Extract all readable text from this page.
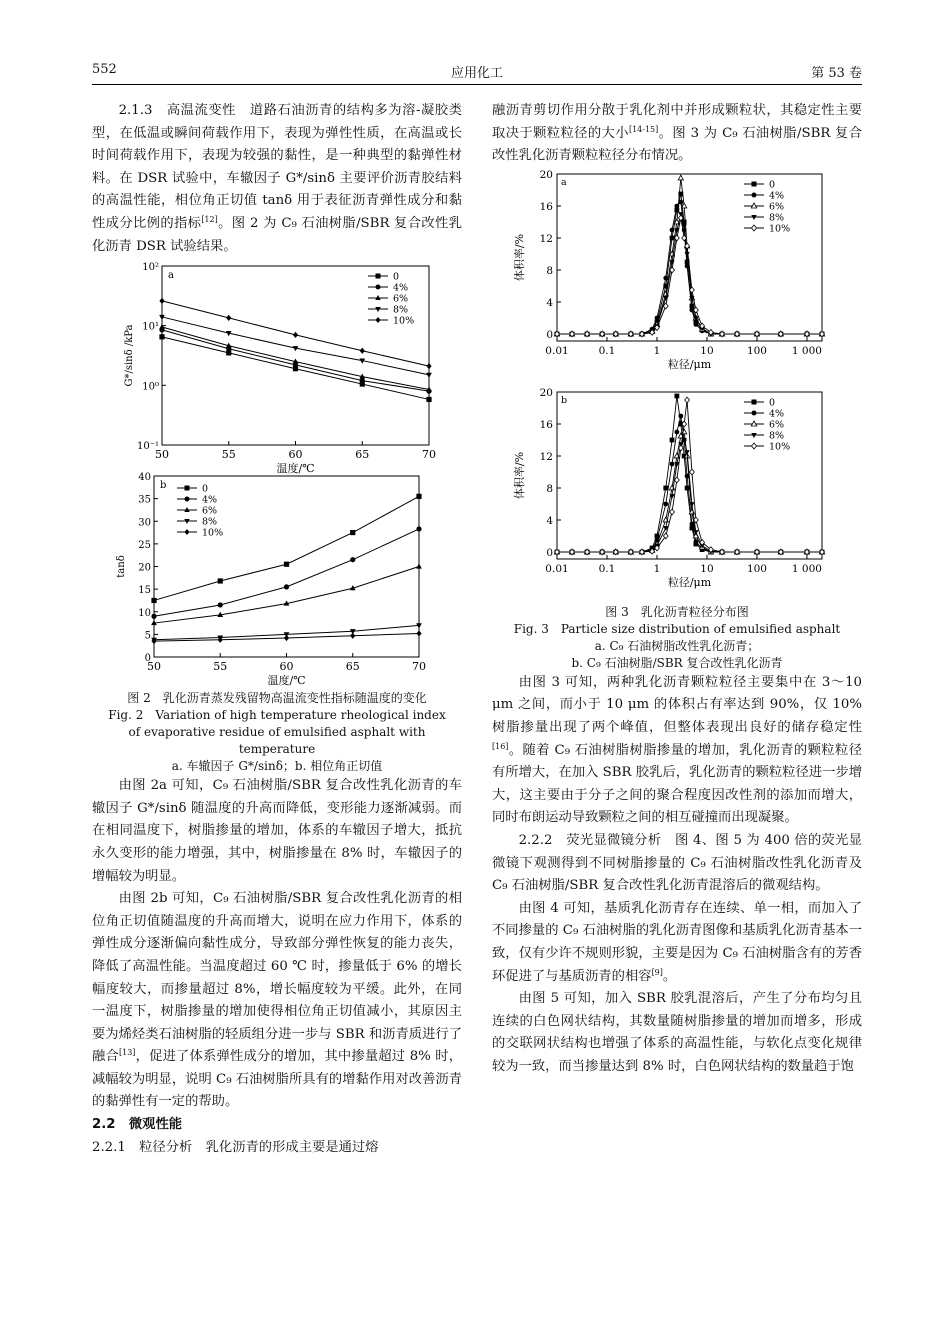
552	应用化工	第 53 卷

2.1.3　高温流变性　 道路石油沥青的结构多为溶-凝胶类型，在低温或瞬间荷载作用下，表现为弹性性质，在高温或长时间荷载作用下，表现为较强的黏性，是一种典型的黏弹性材料。在 DSR 试验中，车辙因子 G*/sinδ 主要评价沥青胶结料的高温性能，相位角正切值 tanδ 用于表征沥青弹性成分和黏性成分比例的指标[12]。图 2 为 C₉ 石油树脂/SBR 复合改性乳化沥青 DSR 试验结果。

50	55	60	65	70
10⁻¹
10⁰
10¹
10²
a
温度/℃
G*/sinδ /kPa
0
4%
6%
8%
10%
50	55	60	65	70
0
5
10
15
20
25
30
35
40
b
温度/℃
tanδ
0
4%
6%
8%
10%
图 2　乳化沥青蒸发残留物高温流变性指标随温度的变化
Fig. 2　Variation of high temperature rheological index
of evaporative residue of emulsified asphalt with temperature
a. 车辙因子 G*/sinδ；b. 相位角正切值

由图 2a 可知，C₉ 石油树脂/SBR 复合改性乳化沥青的车辙因子 G*/sinδ 随温度的升高而降低，变形能力逐渐减弱。而在相同温度下，树脂掺量的增加，体系的车辙因子增大，抵抗永久变形的能力增强，其中，树脂掺量在 8% 时，车辙因子的增幅较为明显。

由图 2b 可知，C₉ 石油树脂/SBR 复合改性乳化沥青的相位角正切值随温度的升高而增大，说明在应力作用下，体系的弹性成分逐渐偏向黏性成分，导致部分弹性恢复的能力丧失，降低了高温性能。当温度超过 60 ℃ 时，掺量低于 6% 的增长幅度较大，而掺量超过 8%，增长幅度较为平缓。此外，在同一温度下，树脂掺量的增加使得相位角正切值减小，其原因主要为烯烃类石油树脂的轻质组分进一步与 SBR 和沥青质进行了融合[13]，促进了体系弹性成分的增加，其中掺量超过 8% 时，减幅较为明显，说明 C₉ 石油树脂所具有的增黏作用对改善沥青的黏弹性有一定的帮助。

2.2　微观性能

2.2.1　粒径分析　 乳化沥青的形成主要是通过熔

融沥青剪切作用分散于乳化剂中并形成颗粒状，其稳定性主要取决于颗粒粒径的大小[14-15]。图 3 为 C₉ 石油树脂/SBR 复合改性乳化沥青颗粒粒径分布情况。

0.01	0.1	1	10	100 1 000
0
4
8
12
16
20
a
粒径/μm
体积率/%
0
4%
6%
8%
10%
0.01	0.1	1	10	100 1 000
0
4
8
12
16
20
b
粒径/μm
体积率/%
0
4%
6%
8%
10%
图 3　乳化沥青粒径分布图
Fig. 3　Particle size distribution of emulsified asphalt
a. C₉ 石油树脂改性乳化沥青；
b. C₉ 石油树脂/SBR 复合改性乳化沥青

由图 3 可知，两种乳化沥青颗粒粒径主要集中在 3～10 μm 之间，而小于 10 μm 的体积占有率达到 90%，仅 10% 树脂掺量出现了两个峰值，但整体表现出良好的储存稳定性[16]。随着 C₉ 石油树脂树脂掺量的增加，乳化沥青的颗粒粒径有所增大，在加入 SBR 胶乳后，乳化沥青的颗粒粒径进一步增大，这主要由于分子之间的聚合程度因改性剂的添加而增大，同时布朗运动导致颗粒之间的相互碰撞而出现凝聚。

2.2.2　荧光显微镜分析　 图 4、图 5 为 400 倍的荧光显微镜下观测得到不同树脂掺量的 C₉ 石油树脂改性乳化沥青及 C₉ 石油树脂/SBR 复合改性乳化沥青混溶后的微观结构。

由图 4 可知，基质乳化沥青存在连续、单一相，而加入了不同掺量的 C₉ 石油树脂的乳化沥青图像和基质乳化沥青基本一致，仅有少许不规则形貌，主要是因为 C₉ 石油树脂含有的芳香环促进了与基质沥青的相容[9]。

由图 5 可知，加入 SBR 胶乳混溶后，产生了分布均匀且连续的白色网状结构，其数量随树脂掺量的增加而增多，形成的交联网状结构也增强了体系的高温性能，与软化点变化规律较为一致，而当掺量达到 8% 时，白色网状结构的数量趋于饱
